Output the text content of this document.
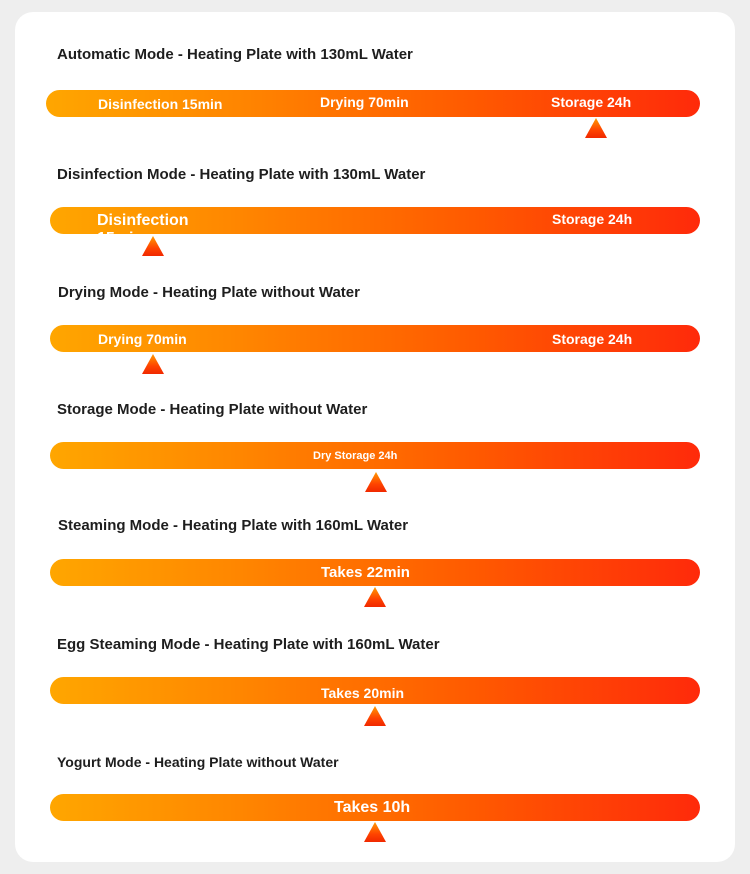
Automatic Mode - Heating Plate with 130mL Water
Disinfection 15min	Drying 70min	Storage 24h
Disinfection Mode - Heating Plate with 130mL Water
Disinfection 15min
Storage 24h
Drying Mode - Heating Plate without Water
Drying 70min	Storage 24h
Storage Mode - Heating Plate without Water
Dry Storage 24h
Steaming Mode - Heating Plate with 160mL Water
Takes 22min
Egg Steaming Mode - Heating Plate with 160mL Water
Takes 20min
Yogurt Mode - Heating Plate without Water
Takes 10h
